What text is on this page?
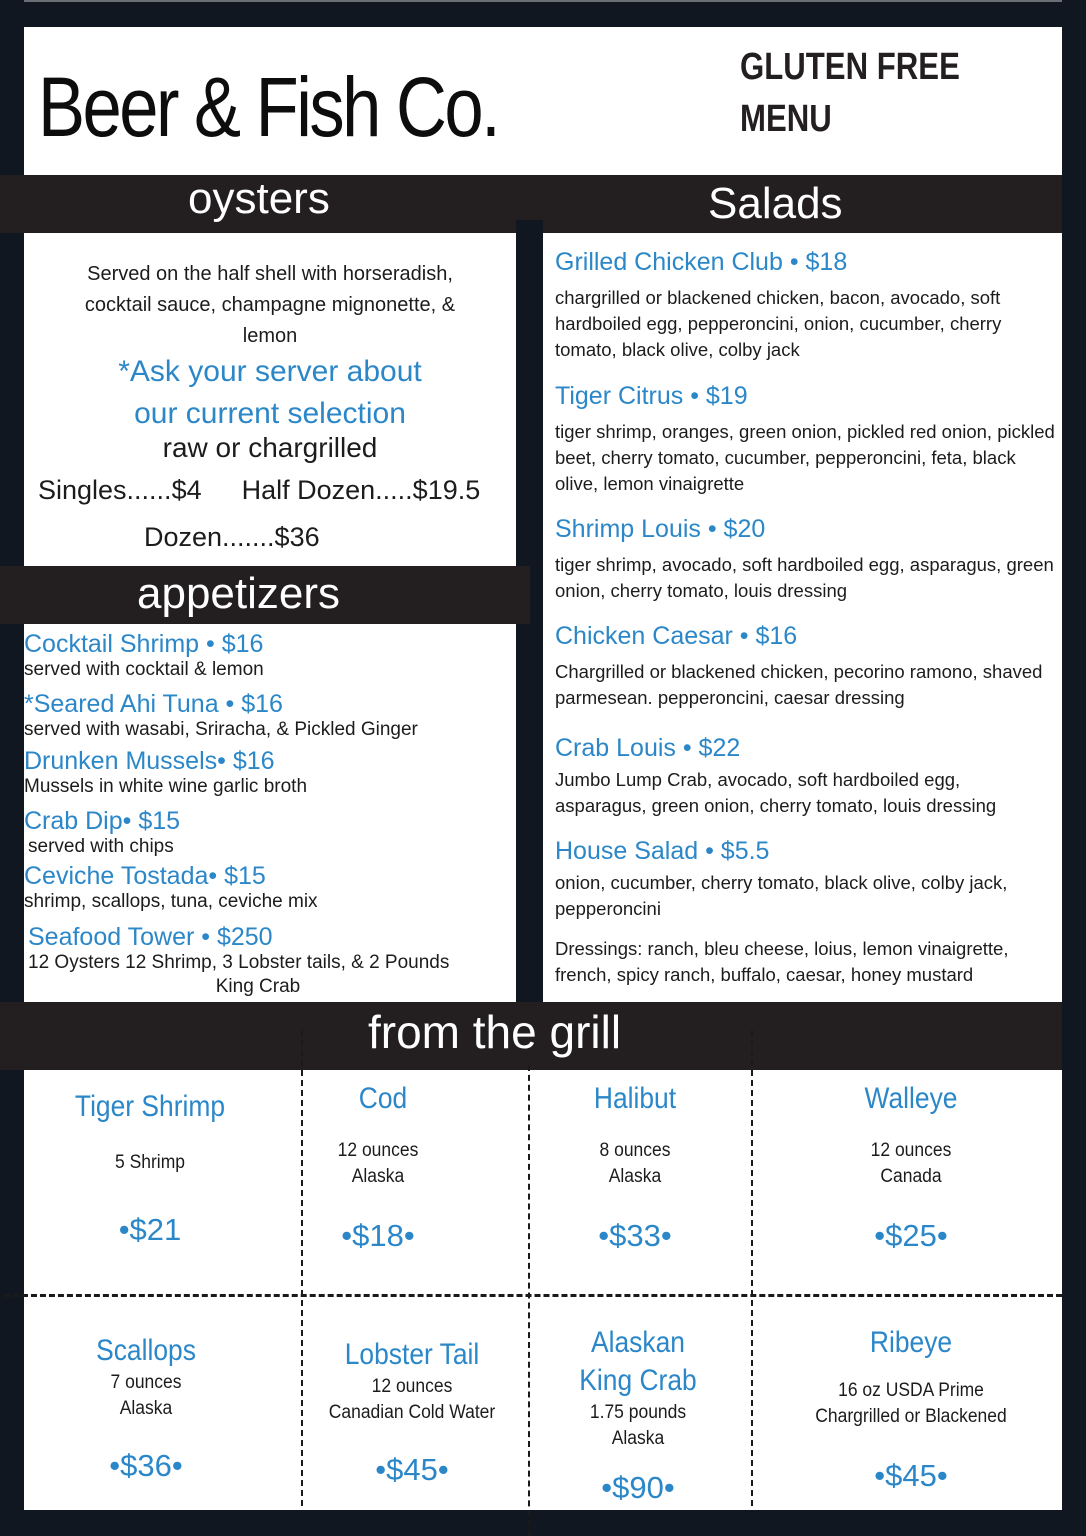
Beer & Fish Co.	GLUTEN FREE
MENU
oysters	Salads
Served on the half shell with horseradish,
cocktail sauce, champagne mignonette, &
lemon
*Ask your server about
our current selection
raw or chargrilled
Singles......$4 Half Dozen.....$19.5
Dozen.......$36
appetizers
Cocktail Shrimp • $16
served with cocktail & lemon
*Seared Ahi Tuna • $16
served with wasabi, Sriracha, & Pickled Ginger
Drunken Mussels• $16
Mussels in white wine garlic broth
Crab Dip• $15
served with chips
Ceviche Tostada• $15
shrimp, scallops, tuna, ceviche mix
Seafood Tower • $250
12 Oysters 12 Shrimp, 3 Lobster tails, & 2 Pounds
King Crab
Grilled Chicken Club • $18
chargrilled or blackened chicken, bacon, avocado, soft hardboiled egg, pepperoncini, onion, cucumber, cherry tomato, black olive, colby jack
Tiger Citrus • $19
tiger shrimp, oranges, green onion, pickled red onion, pickled beet, cherry tomato, cucumber, pepperoncini, feta, black olive, lemon vinaigrette
Shrimp Louis • $20
tiger shrimp, avocado, soft hardboiled egg, asparagus, green onion, cherry tomato, louis dressing
Chicken Caesar • $16
Chargrilled or blackened chicken, pecorino ramono, shaved parmesean. pepperoncini, caesar dressing
Crab Louis • $22
Jumbo Lump Crab, avocado, soft hardboiled egg, asparagus, green onion, cherry tomato, louis dressing
House Salad • $5.5
onion, cucumber, cherry tomato, black olive, colby jack, pepperoncini
Dressings: ranch, bleu cheese, loius, lemon vinaigrette, french, spicy ranch, buffalo, caesar, honey mustard
from the grill
Tiger Shrimp
5 Shrimp
•$21
Cod
12 ounces
Alaska
•$18•
Halibut
8 ounces
Alaska
•$33•
Walleye
12 ounces
Canada
•$25•
Scallops
7 ounces
Alaska
•$36•
Lobster Tail
12 ounces
Canadian Cold Water
•$45•
Alaskan
King Crab
1.75 pounds
Alaska
•$90•
Ribeye
16 oz USDA Prime
Chargrilled or Blackened
•$45•
